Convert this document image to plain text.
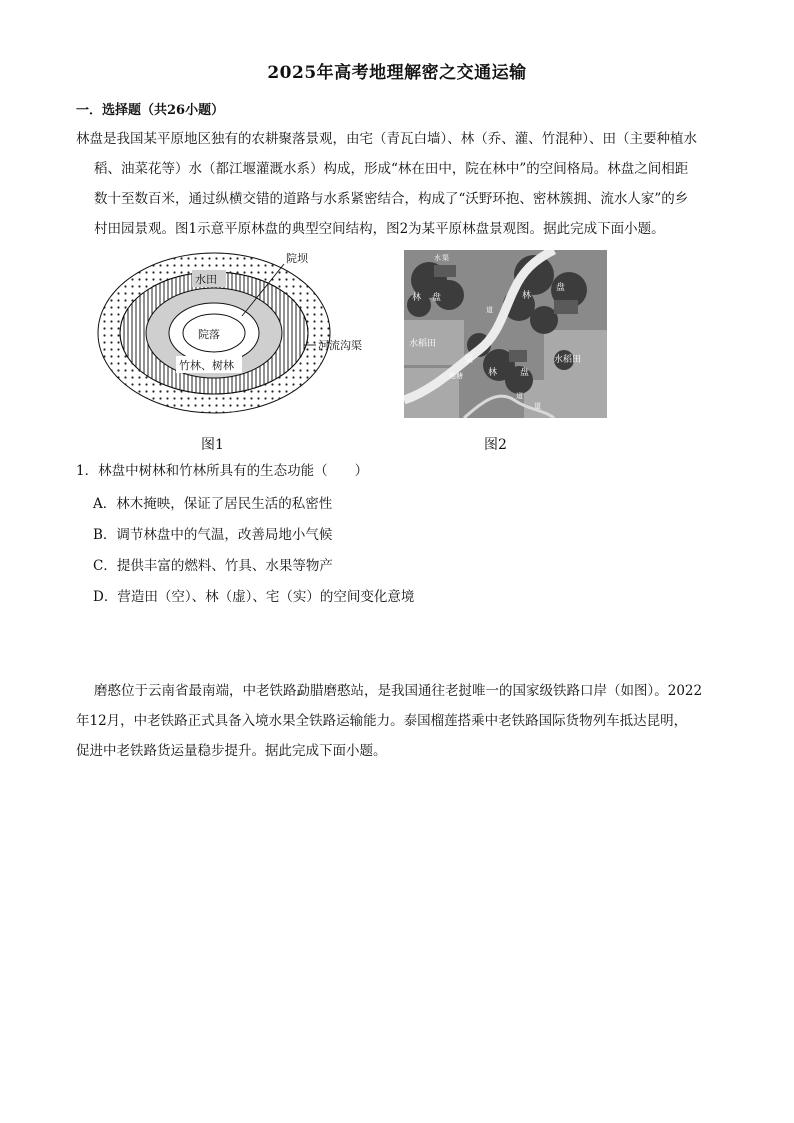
2025年高考地理解密之交通运输
一．选择题（共26小题）
林盘是我国某平原地区独有的农耕聚落景观，由宅（青瓦白墙）、林（乔、灌、竹混种）、田（主要种植水
稻、油菜花等）水（都江堰灌溉水系）构成，形成“林在田中，院在林中”的空间格局。林盘之间相距
数十至数百米，通过纵横交错的道路与水系紧密结合，构成了“沃野环抱、密林簇拥、流水人家”的乡
村田园景观。图1示意平原林盘的典型空间结构，图2为某平原林盘景观图。据此完成下面小题。
院坝
水田
院落
竹林、树林
河流沟渠
林 盘	林
盘
水稻田
水稻田
林	盘
渠
池塘
道
道
道
水 渠
图1	图2
1．林盘中树林和竹林所具有的生态功能（　　）
A．林木掩映，保证了居民生活的私密性
B．调节林盘中的气温，改善局地小气候
C．提供丰富的燃料、竹具、水果等物产
D．营造田（空）、林（虚）、宅（实）的空间变化意境
磨憨位于云南省最南端，中老铁路勐腊磨憨站，是我国通往老挝唯一的国家级铁路口岸（如图）。2022
年12月，中老铁路正式具备入境水果全铁路运输能力。泰国榴莲搭乘中老铁路国际货物列车抵达昆明，
促进中老铁路货运量稳步提升。据此完成下面小题。
